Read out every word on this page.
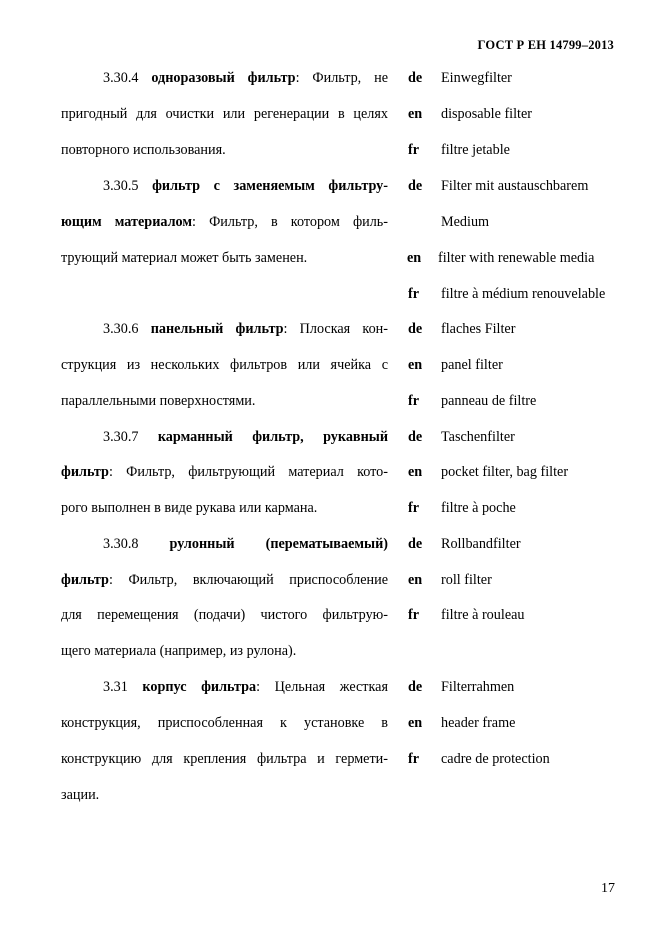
ГОСТ Р ЕН 14799–2013
3.30.4 одноразовый фильтр: Фильтр, не
пригодный для очистки или регенерации в целях
повторного использования.
de	Einwegfilter
en	disposable filter
fr	filtre jetable
3.30.5 фильтр с заменяемым фильтру-
ющим материалом: Фильтр, в котором филь-
трующий материал может быть заменен.
de	Filter mit austauschbarem
Medium
en	filter with renewable media
fr	filtre à médium renouvelable
3.30.6 панельный фильтр: Плоская кон-
струкция из нескольких фильтров или ячейка с
параллельными поверхностями.
de	flaches Filter
en	panel filter
fr	panneau de filtre
3.30.7 карманный фильтр, рукавный
фильтр: Фильтр, фильтрующий материал кото-
рого выполнен в виде рукава или кармана.
de	Taschenfilter
en	pocket filter, bag filter
fr	filtre à poche
3.30.8 рулонный (перематываемый)
фильтр: Фильтр, включающий приспособление
для перемещения (подачи) чистого фильтрую-
щего материала (например, из рулона).
de	Rollbandfilter
en	roll filter
fr	filtre à rouleau
3.31 корпус фильтра: Цельная жесткая
конструкция, приспособленная к установке в
конструкцию для крепления фильтра и гермети-
зации.
de	Filterrahmen
en	header frame
fr	cadre de protection
17
